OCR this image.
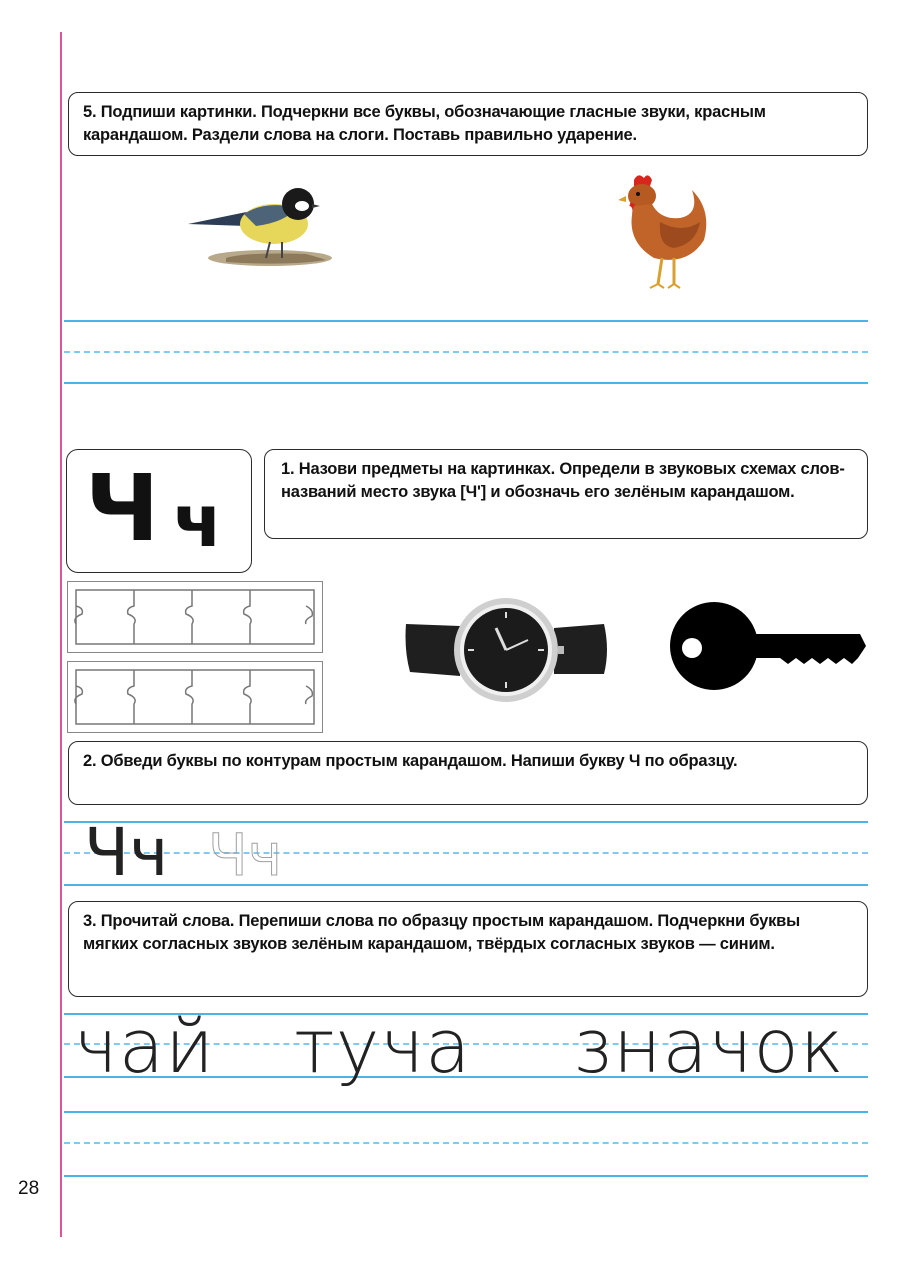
28
5. Подпиши картинки. Подчеркни все буквы, обозначающие гласные звуки, красным карандашом. Раздели слова на слоги. Поставь правильно ударение.
Ч ч
1. Назови предметы на картинках. Определи в звуковых схемах слов-названий место звука [Ч'] и обозначь его зелёным карандашом.
2. Обведи буквы по контурам простым карандашом. Напиши букву Ч по образцу.
Чч Чч
3. Прочитай слова. Перепиши слова по образцу простым карандашом. Подчеркни буквы мягких согласных звуков зелёным карандашом, твёрдых согласных звуков — синим.
чай туча значок
